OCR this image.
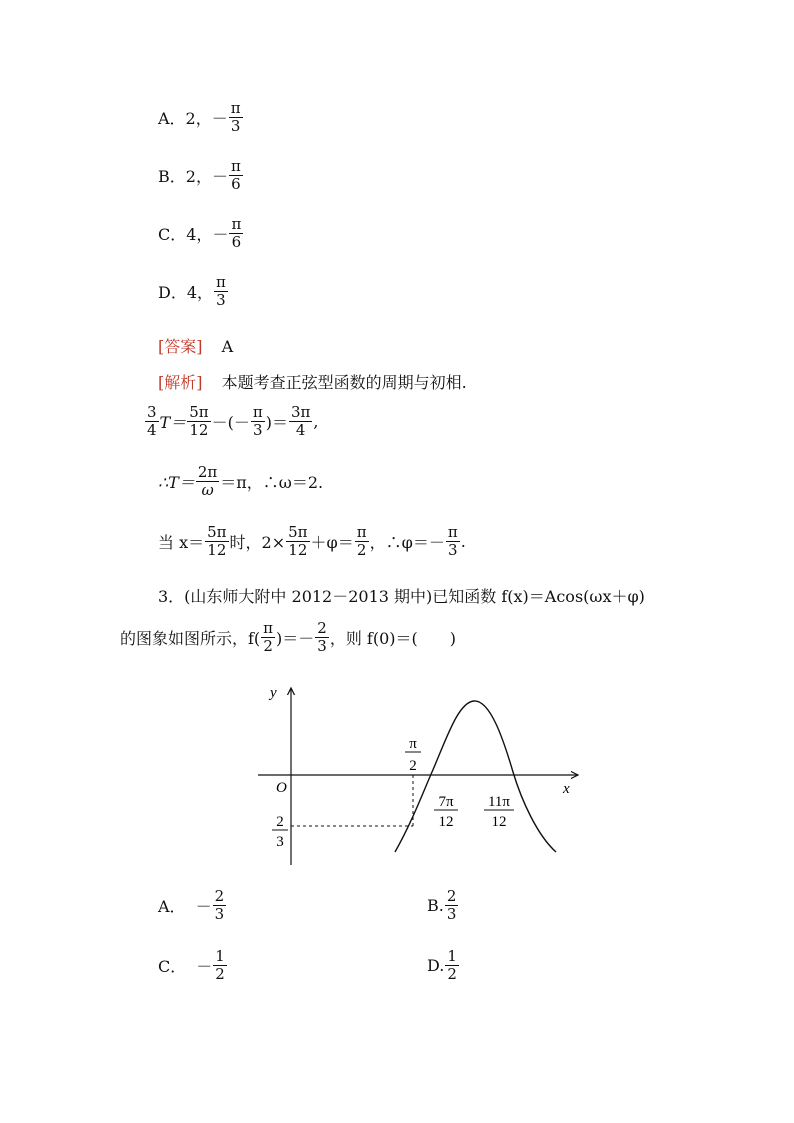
A．2， － $\frac{\pi}{3}$
B．2， － $\frac{\pi}{6}$
C．4， － $\frac{\pi}{6}$
D．4， $\frac{\pi}{3}$
[答案] A
[解析] 本题考查正弦型函数的周期与初相.
$\frac{3}{4} T= \frac{5\pi}{12}$ －(－ $\frac{\pi}{3}$ )＝ $\frac{3\pi}{4}$ ,
∴T＝ $\frac{2\pi}{\omega} =\pi$，∴ω＝2.
当 $x= \frac{5\pi}{12}$ 时，$2\times \frac{5\pi}{12} +\varphi= \frac{\pi}{2}$ ，∴φ＝－ $\frac{\pi}{3}$ .
3．(山东师大附中 2012－2013 期中)已知函数 f(x)＝Acos(ωx＋φ)
的图象如图所示，$f( \frac{\pi}{2}$ )＝－ $\frac{2}{3}$ ，则 f(0)＝(　　)
y
x
O
π
2
7π
12
11π
12
2
3
A． － $\frac{2}{3}$	B. $\frac{2}{3}$
C． － $\frac{1}{2}$	D. $\frac{1}{2}$
